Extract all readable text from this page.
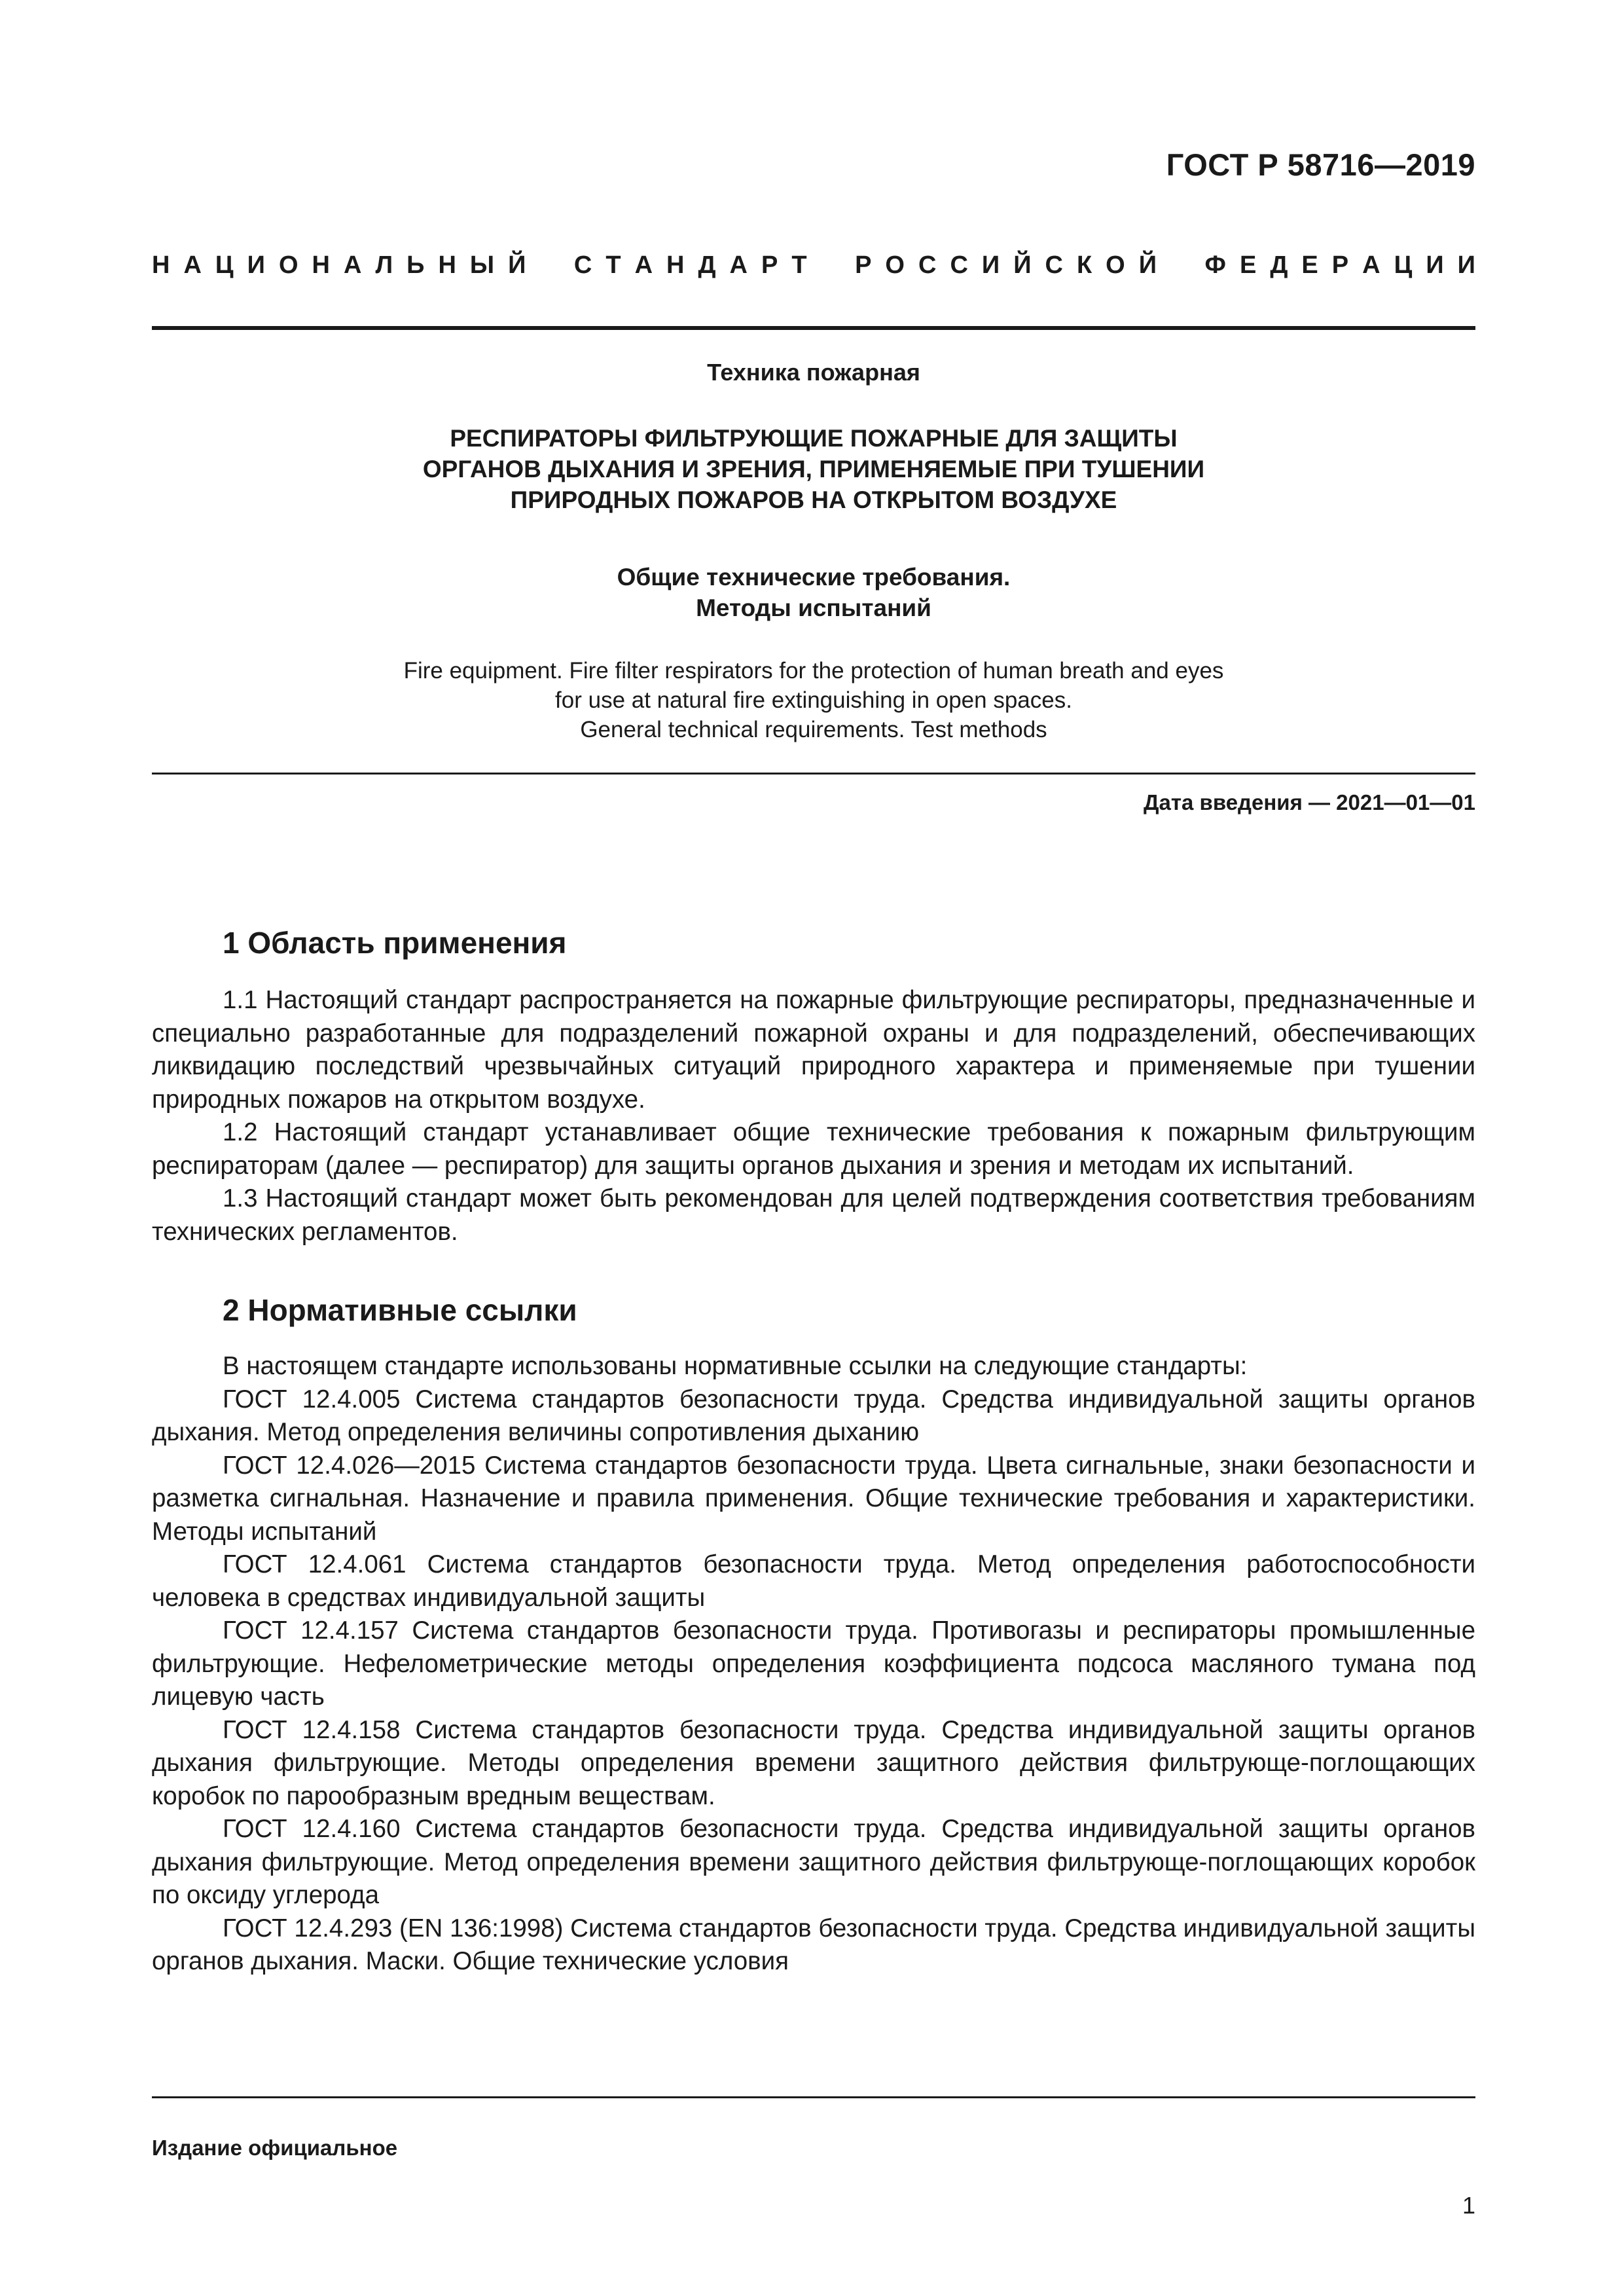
ГОСТ Р 58716—2019
Н А Ц И О Н А Л Ь Н Ы Й С Т А Н Д А Р Т Р О С С И Й С К О Й Ф Е Д Е Р А Ц И И
Техника пожарная
РЕСПИРАТОРЫ ФИЛЬТРУЮЩИЕ ПОЖАРНЫЕ ДЛЯ ЗАЩИТЫ
ОРГАНОВ ДЫХАНИЯ И ЗРЕНИЯ, ПРИМЕНЯЕМЫЕ ПРИ ТУШЕНИИ
ПРИРОДНЫХ ПОЖАРОВ НА ОТКРЫТОМ ВОЗДУХЕ
Общие технические требования.
Методы испытаний
Fire equipment. Fire filter respirators for the protection of human breath and eyes
for use at natural fire extinguishing in open spaces.
General technical requirements. Test methods
Дата введения — 2021—01—01
1 Область применения

1.1 Настоящий стандарт распространяется на пожарные фильтрующие респираторы, предназначенные и специально разработанные для подразделений пожарной охраны и для подразделений, обеспечивающих ликвидацию последствий чрезвычайных ситуаций природного характера и применяемые при тушении природных пожаров на открытом воздухе.

1.2 Настоящий стандарт устанавливает общие технические требования к пожарным фильтрующим респираторам (далее — респиратор) для защиты органов дыхания и зрения и методам их испытаний.

1.3 Настоящий стандарт может быть рекомендован для целей подтверждения соответствия требованиям технических регламентов.

2 Нормативные ссылки

В настоящем стандарте использованы нормативные ссылки на следующие стандарты:

ГОСТ 12.4.005 Система стандартов безопасности труда. Средства индивидуальной защиты органов дыхания. Метод определения величины сопротивления дыханию

ГОСТ 12.4.026—2015 Система стандартов безопасности труда. Цвета сигнальные, знаки безопасности и разметка сигнальная. Назначение и правила применения. Общие технические требования и характеристики. Методы испытаний

ГОСТ 12.4.061 Система стандартов безопасности труда. Метод определения работоспособности человека в средствах индивидуальной защиты

ГОСТ 12.4.157 Система стандартов безопасности труда. Противогазы и респираторы промышленные фильтрующие. Нефелометрические методы определения коэффициента подсоса масляного тумана под лицевую часть

ГОСТ 12.4.158 Система стандартов безопасности труда. Средства индивидуальной защиты органов дыхания фильтрующие. Методы определения времени защитного действия фильтрующе-поглощающих коробок по парообразным вредным веществам.

ГОСТ 12.4.160 Система стандартов безопасности труда. Средства индивидуальной защиты органов дыхания фильтрующие. Метод определения времени защитного действия фильтрующе-поглощающих коробок по оксиду углерода

ГОСТ 12.4.293 (EN 136:1998) Система стандартов безопасности труда. Средства индивидуальной защиты органов дыхания. Маски. Общие технические условия

Издание официальное
1
